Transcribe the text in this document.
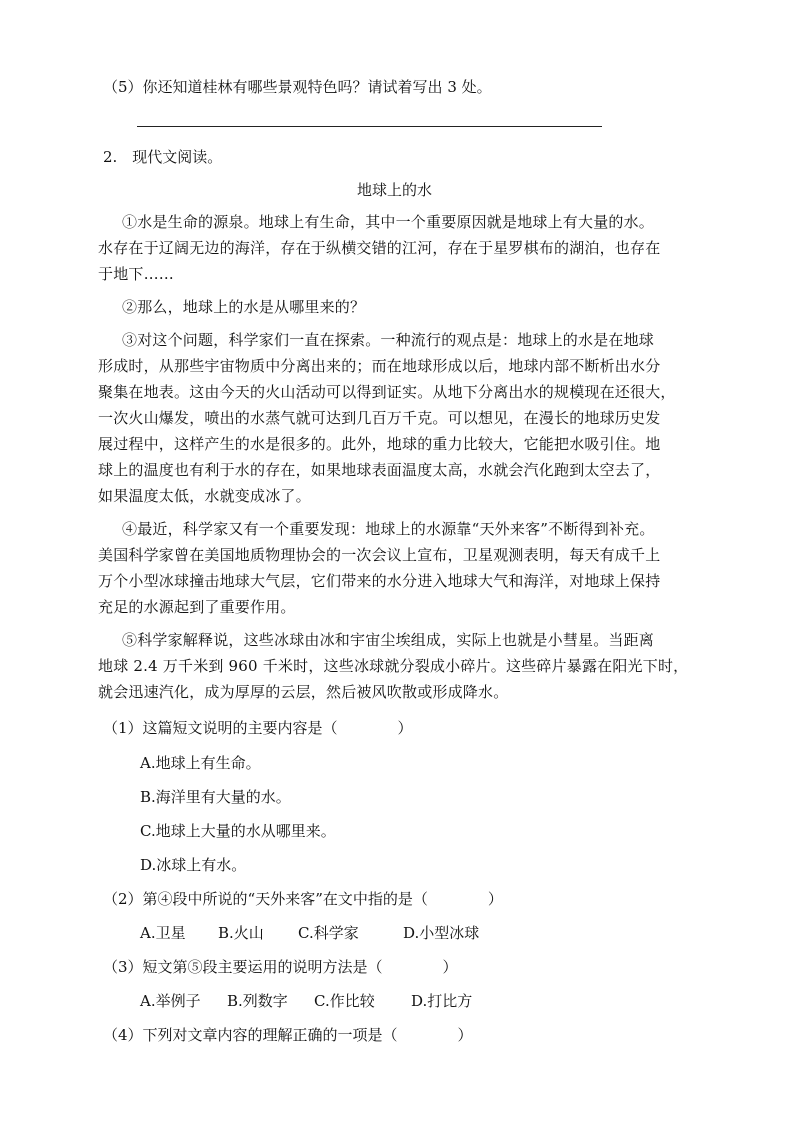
（5）你还知道桂林有哪些景观特色吗？请试着写出 3 处。
2.　现代文阅读。
地球上的水
①水是生命的源泉。地球上有生命，其中一个重要原因就是地球上有大量的水。
水存在于辽阔无边的海洋，存在于纵横交错的江河，存在于星罗棋布的湖泊，也存在
于地下……
②那么，地球上的水是从哪里来的？
③对这个问题，科学家们一直在探索。一种流行的观点是：地球上的水是在地球
形成时，从那些宇宙物质中分离出来的；而在地球形成以后，地球内部不断析出水分
聚集在地表。这由今天的火山活动可以得到证实。从地下分离出水的规模现在还很大，
一次火山爆发，喷出的水蒸气就可达到几百万千克。可以想见，在漫长的地球历史发
展过程中，这样产生的水是很多的。此外，地球的重力比较大，它能把水吸引住。地
球上的温度也有利于水的存在，如果地球表面温度太高，水就会汽化跑到太空去了，
如果温度太低，水就变成冰了。
④最近，科学家又有一个重要发现：地球上的水源靠“天外来客”不断得到补充。
美国科学家曾在美国地质物理协会的一次会议上宣布，卫星观测表明，每天有成千上
万个小型冰球撞击地球大气层，它们带来的水分进入地球大气和海洋，对地球上保持
充足的水源起到了重要作用。
⑤科学家解释说，这些冰球由冰和宇宙尘埃组成，实际上也就是小彗星。当距离
地球 2.4 万千米到 960 千米时，这些冰球就分裂成小碎片。这些碎片暴露在阳光下时，
就会迅速汽化，成为厚厚的云层，然后被风吹散或形成降水。
（1）这篇短文说明的主要内容是（　　　　）
A.地球上有生命。
B.海洋里有大量的水。
C.地球上大量的水从哪里来。
D.冰球上有水。
（2）第④段中所说的“天外来客”在文中指的是（　　　　）
A.卫星 B.火山 C.科学家	D.小型冰球
（3）短文第⑤段主要运用的说明方法是（　　　　）
A.举例子 B.列数字 C.作比较 D.打比方
（4）下列对文章内容的理解正确的一项是（　　　　）
